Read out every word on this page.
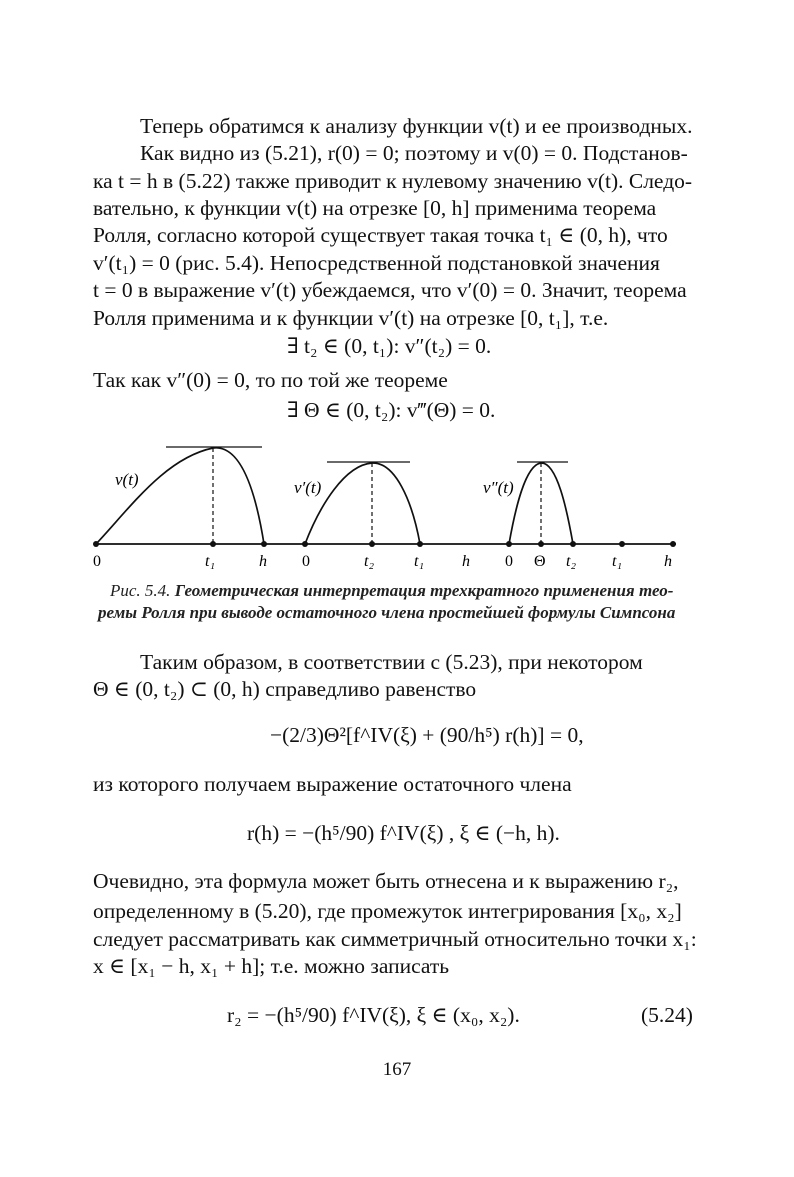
Теперь обратимся к анализу функции v(t) и ее производных.
Как видно из (5.21), r(0) = 0; поэтому и v(0) = 0. Подстанов-
ка t = h в (5.22) также приводит к нулевому значению v(t). Следо-
вательно, к функции v(t) на отрезке [0, h] применима теорема
Ролля, согласно которой существует такая точка t₁ ∈ (0, h), что
v′(t₁) = 0 (рис. 5.4). Непосредственной подстановкой значения
t = 0 в выражение v′(t) убеждаемся, что v′(0) = 0. Значит, теорема
Ролля применима и к функции v′(t) на отрезке [0, t₁], т.е.
∃ t₂ ∈ (0, t₁): v″(t₂) = 0.
Так как v″(0) = 0, то по той же теореме
∃ Θ ∈ (0, t₂): v‴(Θ) = 0.
v(t)
0	t₁	h
v′(t)
0	t₂ t₁ h
v″(t)
0 Θ t₂ t₁	h
Рис. 5.4. Геометрическая интерпретация трехкратного применения тео-
ремы Ролля при выводе остаточного члена простейшей формулы Симпсона
Таким образом, в соответствии с (5.23), при некотором
Θ ∈ (0, t₂) ⊂ (0, h) справедливо равенство
−(2/3)Θ²[f^IV(ξ) + (90/h⁵) r(h)] = 0,
из которого получаем выражение остаточного члена
r(h) = −(h⁵/90) f^IV(ξ) , ξ ∈ (−h, h).
Очевидно, эта формула может быть отнесена и к выражению r₂,
определенному в (5.20), где промежуток интегрирования [x₀, x₂]
следует рассматривать как симметричный относительно точки x₁:
x ∈ [x₁ − h, x₁ + h]; т.е. можно записать
r₂ = −(h⁵/90) f^IV(ξ), ξ ∈ (x₀, x₂).	(5.24)
167
